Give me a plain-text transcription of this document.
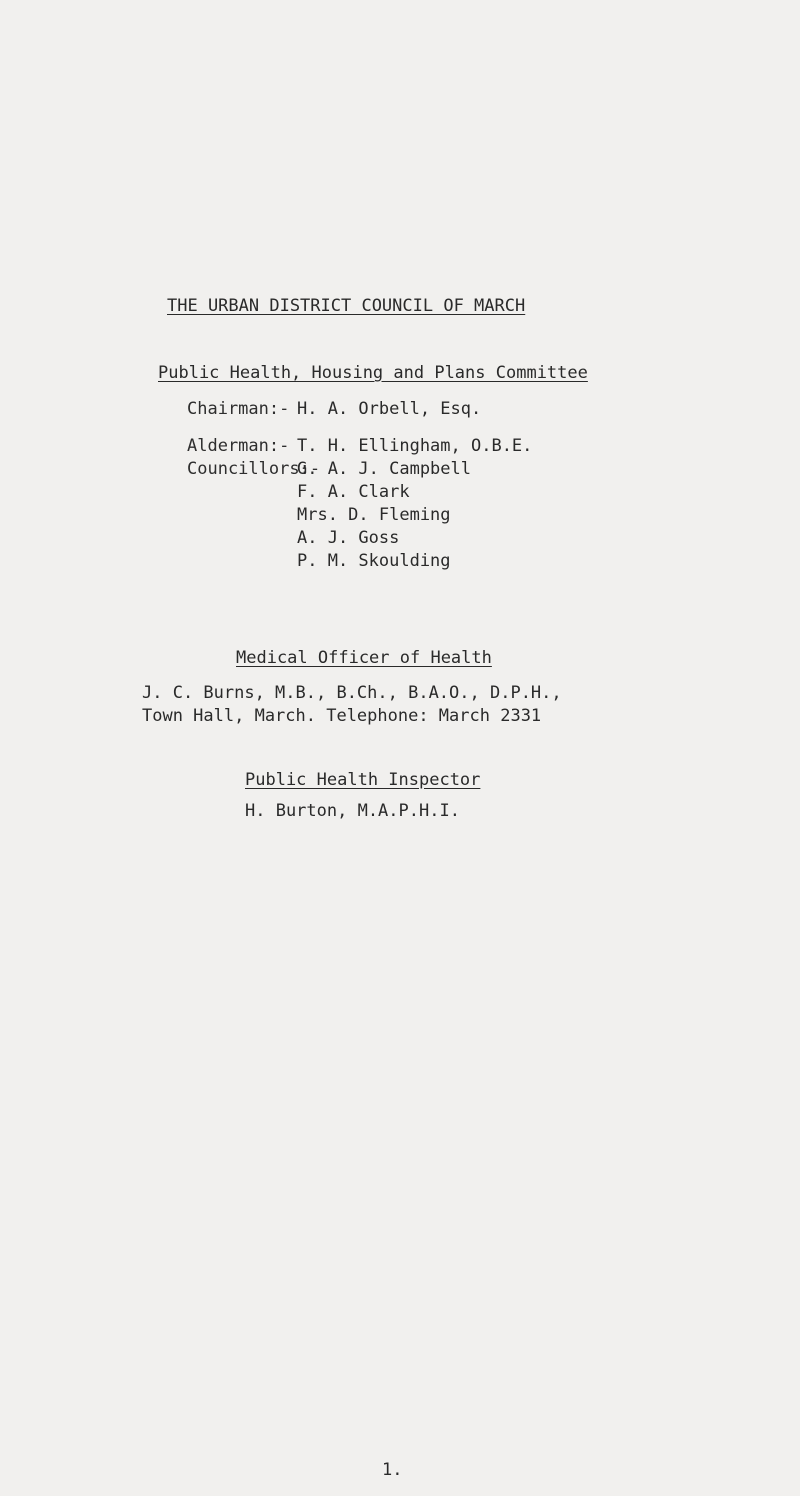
THE URBAN DISTRICT COUNCIL OF MARCH
Public Health, Housing and Plans Committee
Chairman:- H. A. Orbell, Esq.
Alderman:- T. H. Ellingham, O.B.E.
Councillors:-
G. A. J. Campbell
F. A. Clark
Mrs. D. Fleming
A. J. Goss
P. M. Skoulding
Medical Officer of Health
J. C. Burns, M.B., B.Ch., B.A.O., D.P.H.,
Town Hall, March. Telephone: March 2331
Public Health Inspector
H. Burton, M.A.P.H.I.
1.
